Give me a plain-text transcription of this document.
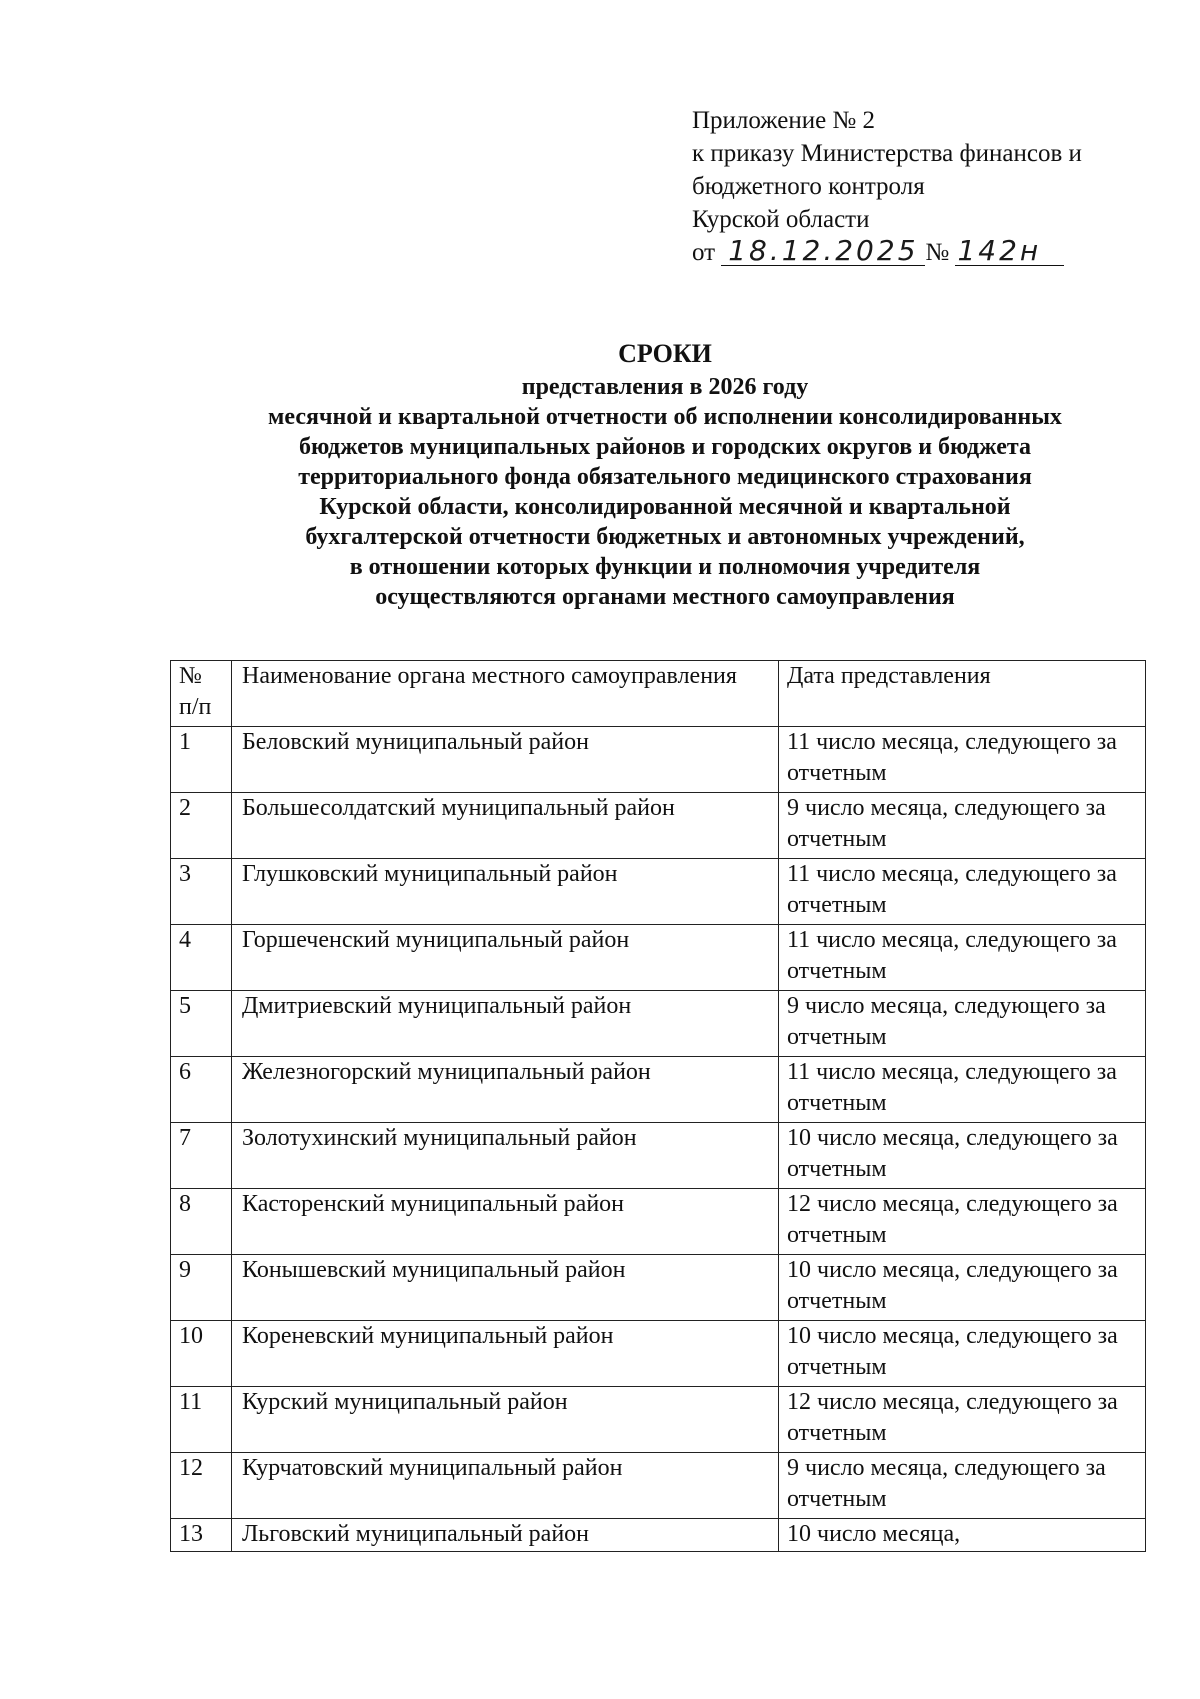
Приложение № 2
к приказу Министерства финансов и
бюджетного контроля
Курской области
от 18.12.2025 № 142н
СРОКИ
представления в 2026 году
месячной и квартальной отчетности об исполнении консолидированных
бюджетов муниципальных районов и городских округов и бюджета
территориального фонда обязательного медицинского страхования
Курской области, консолидированной месячной и квартальной
бухгалтерской отчетности бюджетных и автономных учреждений,
в отношении которых функции и полномочия учредителя
осуществляются органами местного самоуправления
№ п/п	Наименование органа местного самоуправления	Дата представления
1	Беловский муниципальный район	11 число месяца, следующего за отчетным
2	Большесолдатский муниципальный район	9 число месяца, следующего за отчетным
3	Глушковский муниципальный район	11 число месяца, следующего за отчетным
4	Горшеченский муниципальный район	11 число месяца, следующего за отчетным
5	Дмитриевский муниципальный район	9 число месяца, следующего за отчетным
6	Железногорский муниципальный район	11 число месяца, следующего за отчетным
7	Золотухинский муниципальный район	10 число месяца, следующего за отчетным
8	Касторенский муниципальный район	12 число месяца, следующего за отчетным
9	Конышевский муниципальный район	10 число месяца, следующего за отчетным
10	Кореневский муниципальный район	10 число месяца, следующего за отчетным
11	Курский муниципальный район	12 число месяца, следующего за отчетным
12	Курчатовский муниципальный район	9 число месяца, следующего за отчетным
13	Льговский муниципальный район	10 число месяца,
